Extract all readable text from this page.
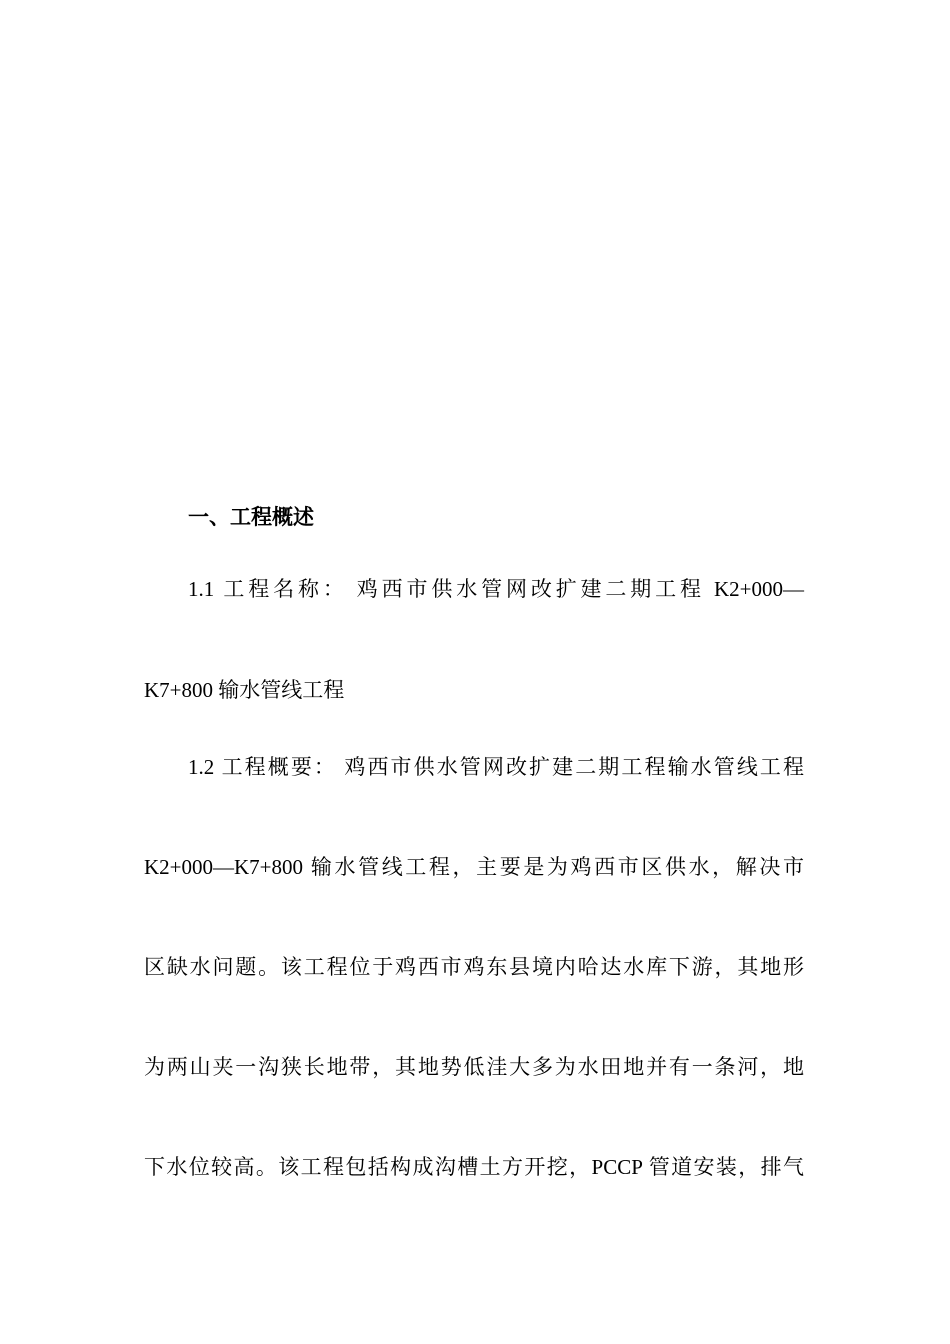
一、工程概述
1.1 工程名称： 鸡西市供水管网改扩建二期工程 K2+000—
K7+800 输水管线工程
1.2 工程概要： 鸡西市供水管网改扩建二期工程输水管线工程
K2+000—K7+800 输水管线工程，主要是为鸡西市区供水，解决市
区缺水问题。该工程位于鸡西市鸡东县境内哈达水库下游，其地形
为两山夹一沟狭长地带，其地势低洼大多为水田地并有一条河，地
下水位较高。该工程包括构成沟槽土方开挖，PCCP 管道安装，排气
